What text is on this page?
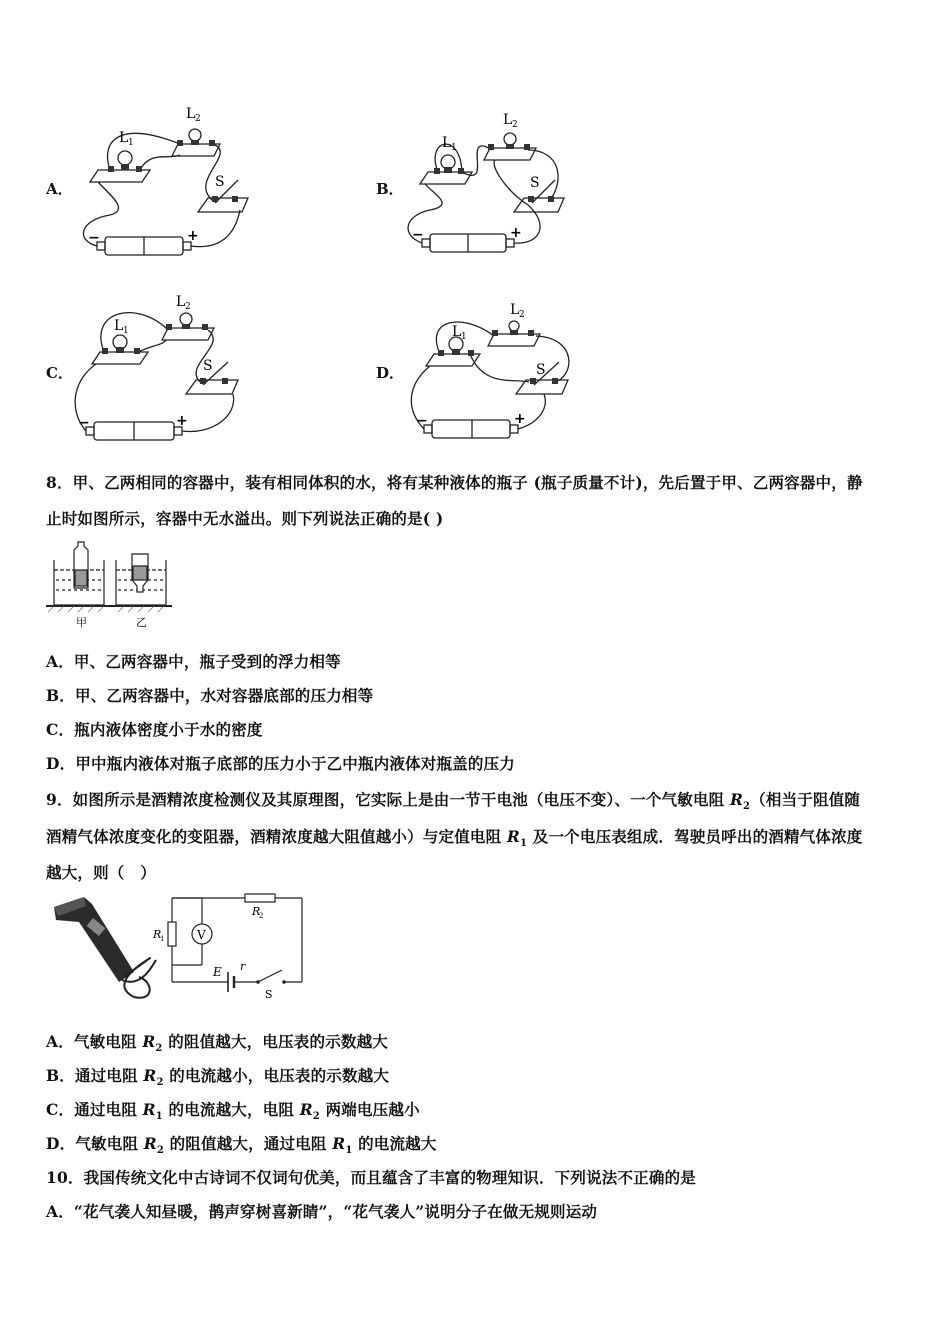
A．
L 1
L 2
S
−	+
B．
L 1
L 2
S
−	+
C．
L 1
L 2
S
−	+
D．
L 1
L 2
S
−	+
8．甲、乙两相同的容器中，装有相同体积的水，将有某种液体的瓶子 (瓶子质量不计)，先后置于甲、乙两容器中，静
止时如图所示，容器中无水溢出。则下列说法正确的是( )
甲	乙
A．甲、乙两容器中，瓶子受到的浮力相等
B．甲、乙两容器中，水对容器底部的压力相等
C．瓶内液体密度小于水的密度
D．甲中瓶内液体对瓶子底部的压力小于乙中瓶内液体对瓶盖的压力
9．如图所示是酒精浓度检测仪及其原理图，它实际上是由一节干电池（电压不变）、一个气敏电阻 $R_2$（相当于阻值随
酒精气体浓度变化的变阻器，酒精浓度越大阻值越小）与定值电阻 $R_1$ 及一个电压表组成．驾驶员呼出的酒精气体浓度
越大，则（　）
R
1
R
2
V
E r
S
A．气敏电阻 $R_2$ 的阻值越大，电压表的示数越大
B．通过电阻 $R_2$ 的电流越小，电压表的示数越大
C．通过电阻 $R_1$ 的电流越大，电阻 $R_2$ 两端电压越小
D．气敏电阻 $R_2$ 的阻值越大，通过电阻 $R_1$ 的电流越大
10．我国传统文化中古诗词不仅词句优美，而且蕴含了丰富的物理知识．下列说法不正确的是
A．“花气袭人知昼暖，鹊声穿树喜新睛”，“花气袭人”说明分子在做无规则运动
